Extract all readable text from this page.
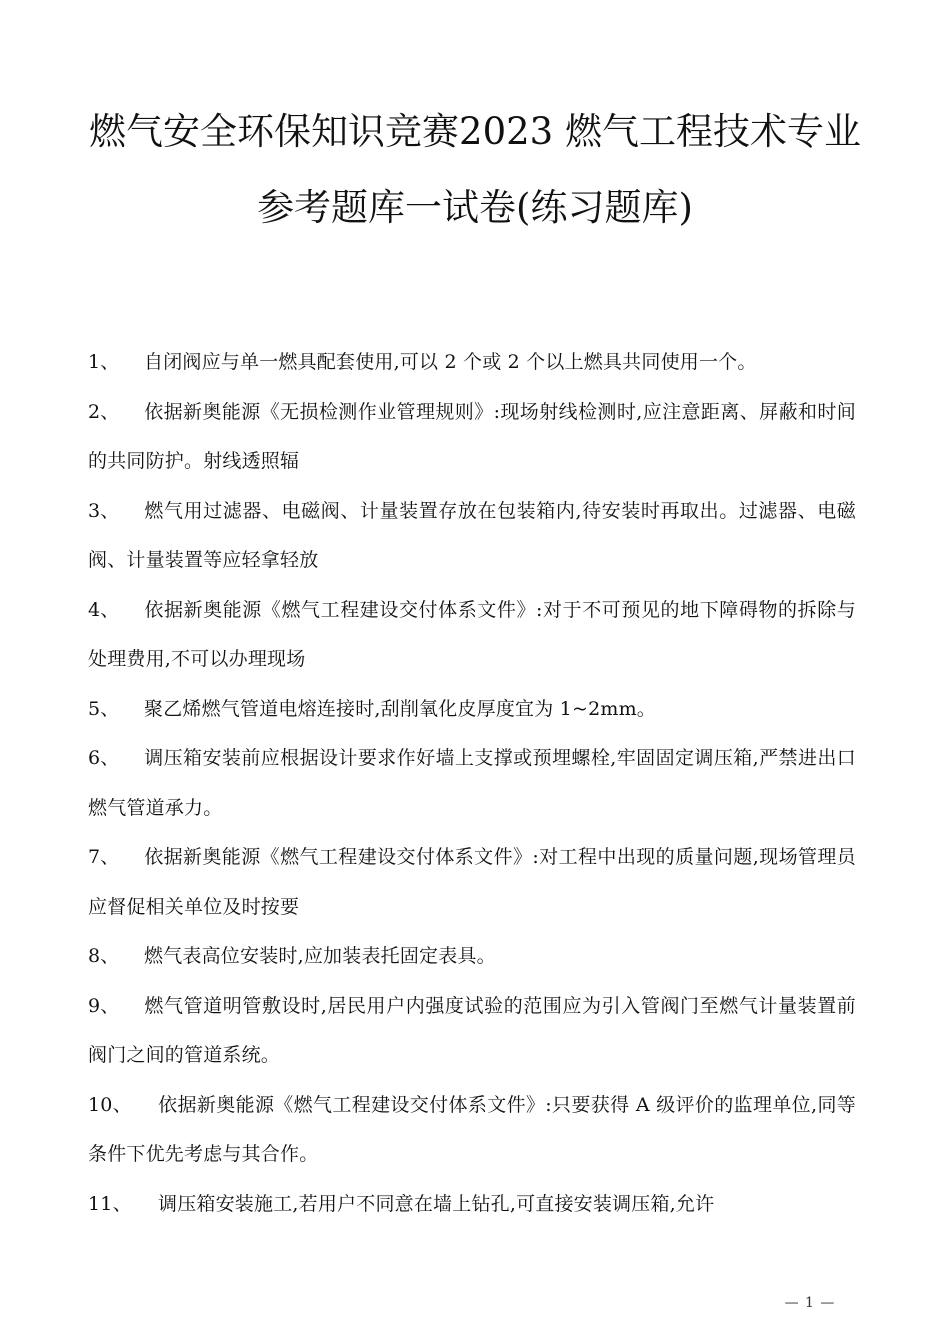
燃气安全环保知识竞赛2023 燃气工程技术专业
参考题库一试卷(练习题库)
1、 自闭阀应与单一燃具配套使用,可以 2 个或 2 个以上燃具共同使用一个。
2、 依据新奥能源《无损检测作业管理规则》:现场射线检测时,应注意距离、屏蔽和时间的共同防护。射线透照辐
3、 燃气用过滤器、电磁阀、计量装置存放在包装箱内,待安装时再取出。过滤器、电磁阀、计量装置等应轻拿轻放
4、 依据新奥能源《燃气工程建设交付体系文件》:对于不可预见的地下障碍物的拆除与处理费用,不可以办理现场
5、 聚乙烯燃气管道电熔连接时,刮削氧化皮厚度宜为 1~2mm。
6、 调压箱安装前应根据设计要求作好墙上支撑或预埋螺栓,牢固固定调压箱,严禁进出口燃气管道承力。
7、 依据新奥能源《燃气工程建设交付体系文件》:对工程中出现的质量问题,现场管理员应督促相关单位及时按要
8、 燃气表高位安装时,应加装表托固定表具。
9、 燃气管道明管敷设时,居民用户内强度试验的范围应为引入管阀门至燃气计量装置前阀门之间的管道系统。
10、 依据新奥能源《燃气工程建设交付体系文件》:只要获得 A 级评价的监理单位,同等条件下优先考虑与其合作。
11、 调压箱安装施工,若用户不同意在墙上钻孔,可直接安装调压箱,允许
— 1 —
